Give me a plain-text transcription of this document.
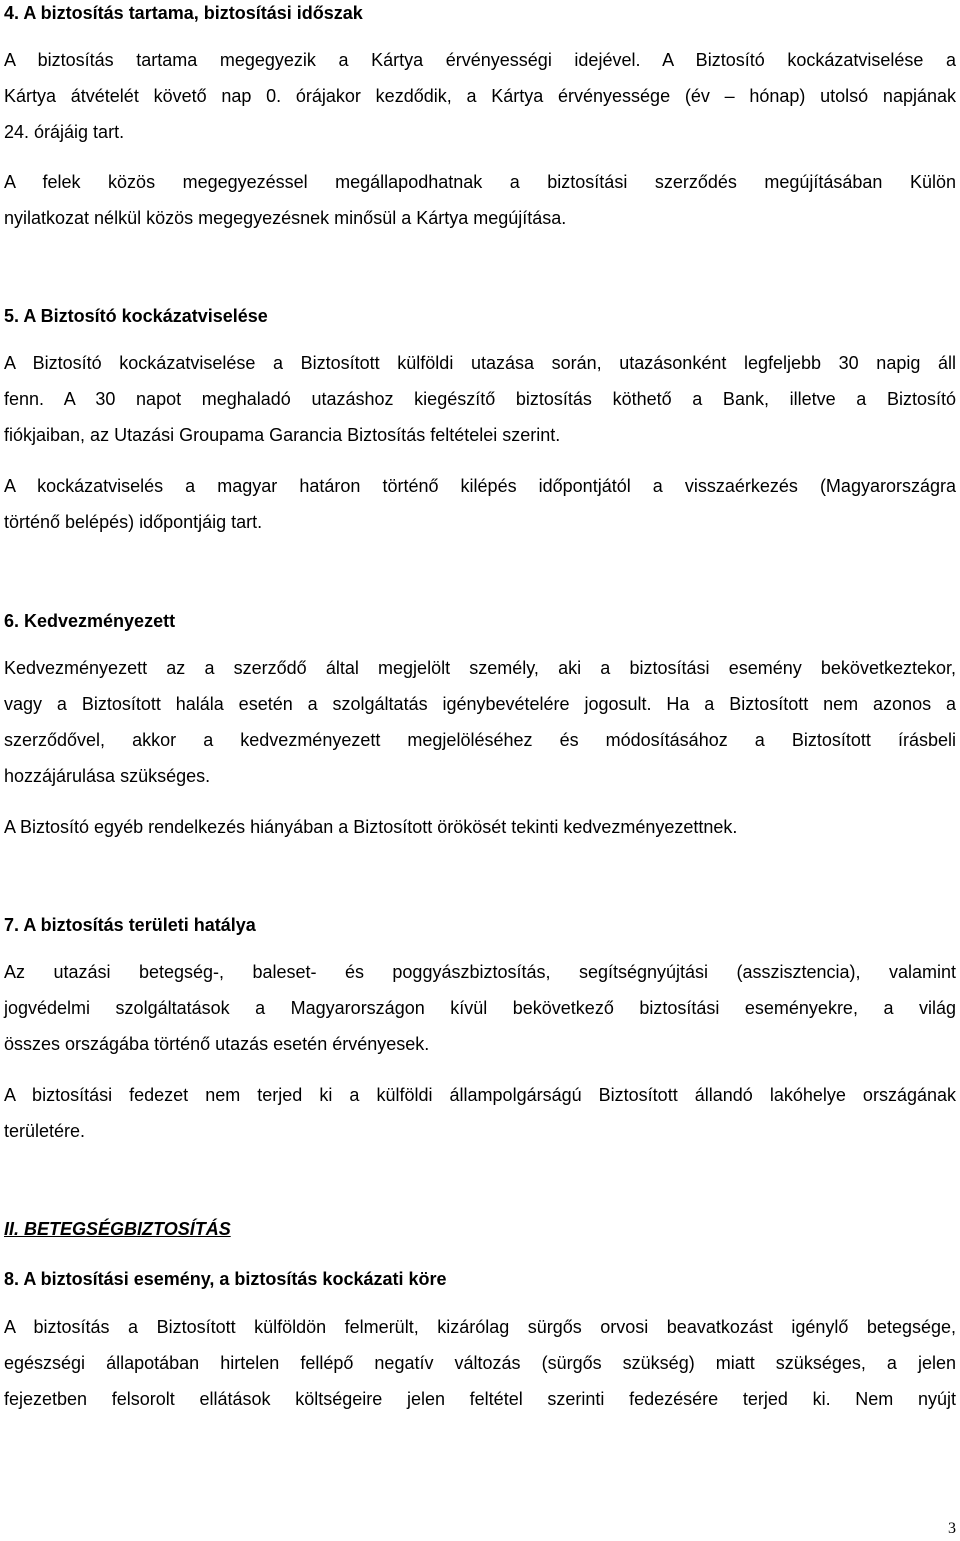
4. A biztosítás tartama, biztosítási időszak

A biztosítás tartama megegyezik a Kártya érvényességi idejével. A Biztosító kockázatviselése a
Kártya átvételét követő nap 0. órájakor kezdődik, a Kártya érvényessége (év – hónap) utolsó napjának
24. órájáig tart.

A felek közös megegyezéssel megállapodhatnak a biztosítási szerződés megújításában Külön
nyilatkozat nélkül közös megegyezésnek minősül a Kártya megújítása.

5. A Biztosító kockázatviselése

A Biztosító kockázatviselése a Biztosított külföldi utazása során, utazásonként legfeljebb 30 napig áll
fenn. A 30 napot meghaladó utazáshoz kiegészítő biztosítás köthető a Bank, illetve a Biztosító
fiókjaiban, az Utazási Groupama Garancia Biztosítás feltételei szerint.

A kockázatviselés a magyar határon történő kilépés időpontjától a visszaérkezés (Magyarországra
történő belépés) időpontjáig tart.

6. Kedvezményezett

Kedvezményezett az a szerződő által megjelölt személy, aki a biztosítási esemény bekövetkeztekor,
vagy a Biztosított halála esetén a szolgáltatás igénybevételére jogosult. Ha a Biztosított nem azonos a
szerződővel, akkor a kedvezményezett megjelöléséhez és módosításához a Biztosított írásbeli
hozzájárulása szükséges.

A Biztosító egyéb rendelkezés hiányában a Biztosított örökösét tekinti kedvezményezettnek.

7. A biztosítás területi hatálya

Az utazási betegség-, baleset- és poggyászbiztosítás, segítségnyújtási (asszisztencia), valamint
jogvédelmi szolgáltatások a Magyarországon kívül bekövetkező biztosítási eseményekre, a világ
összes országába történő utazás esetén érvényesek.

A biztosítási fedezet nem terjed ki a külföldi állampolgárságú Biztosított állandó lakóhelye országának
területére.

II. BETEGSÉGBIZTOSÍTÁS
8. A biztosítási esemény, a biztosítás kockázati köre

A biztosítás a Biztosított külföldön felmerült, kizárólag sürgős orvosi beavatkozást igénylő betegsége,
egészségi állapotában hirtelen fellépő negatív változás (sürgős szükség) miatt szükséges, a jelen
fejezetben felsorolt ellátások költségeire jelen feltétel szerinti fedezésére terjed ki. Nem nyújt

3
